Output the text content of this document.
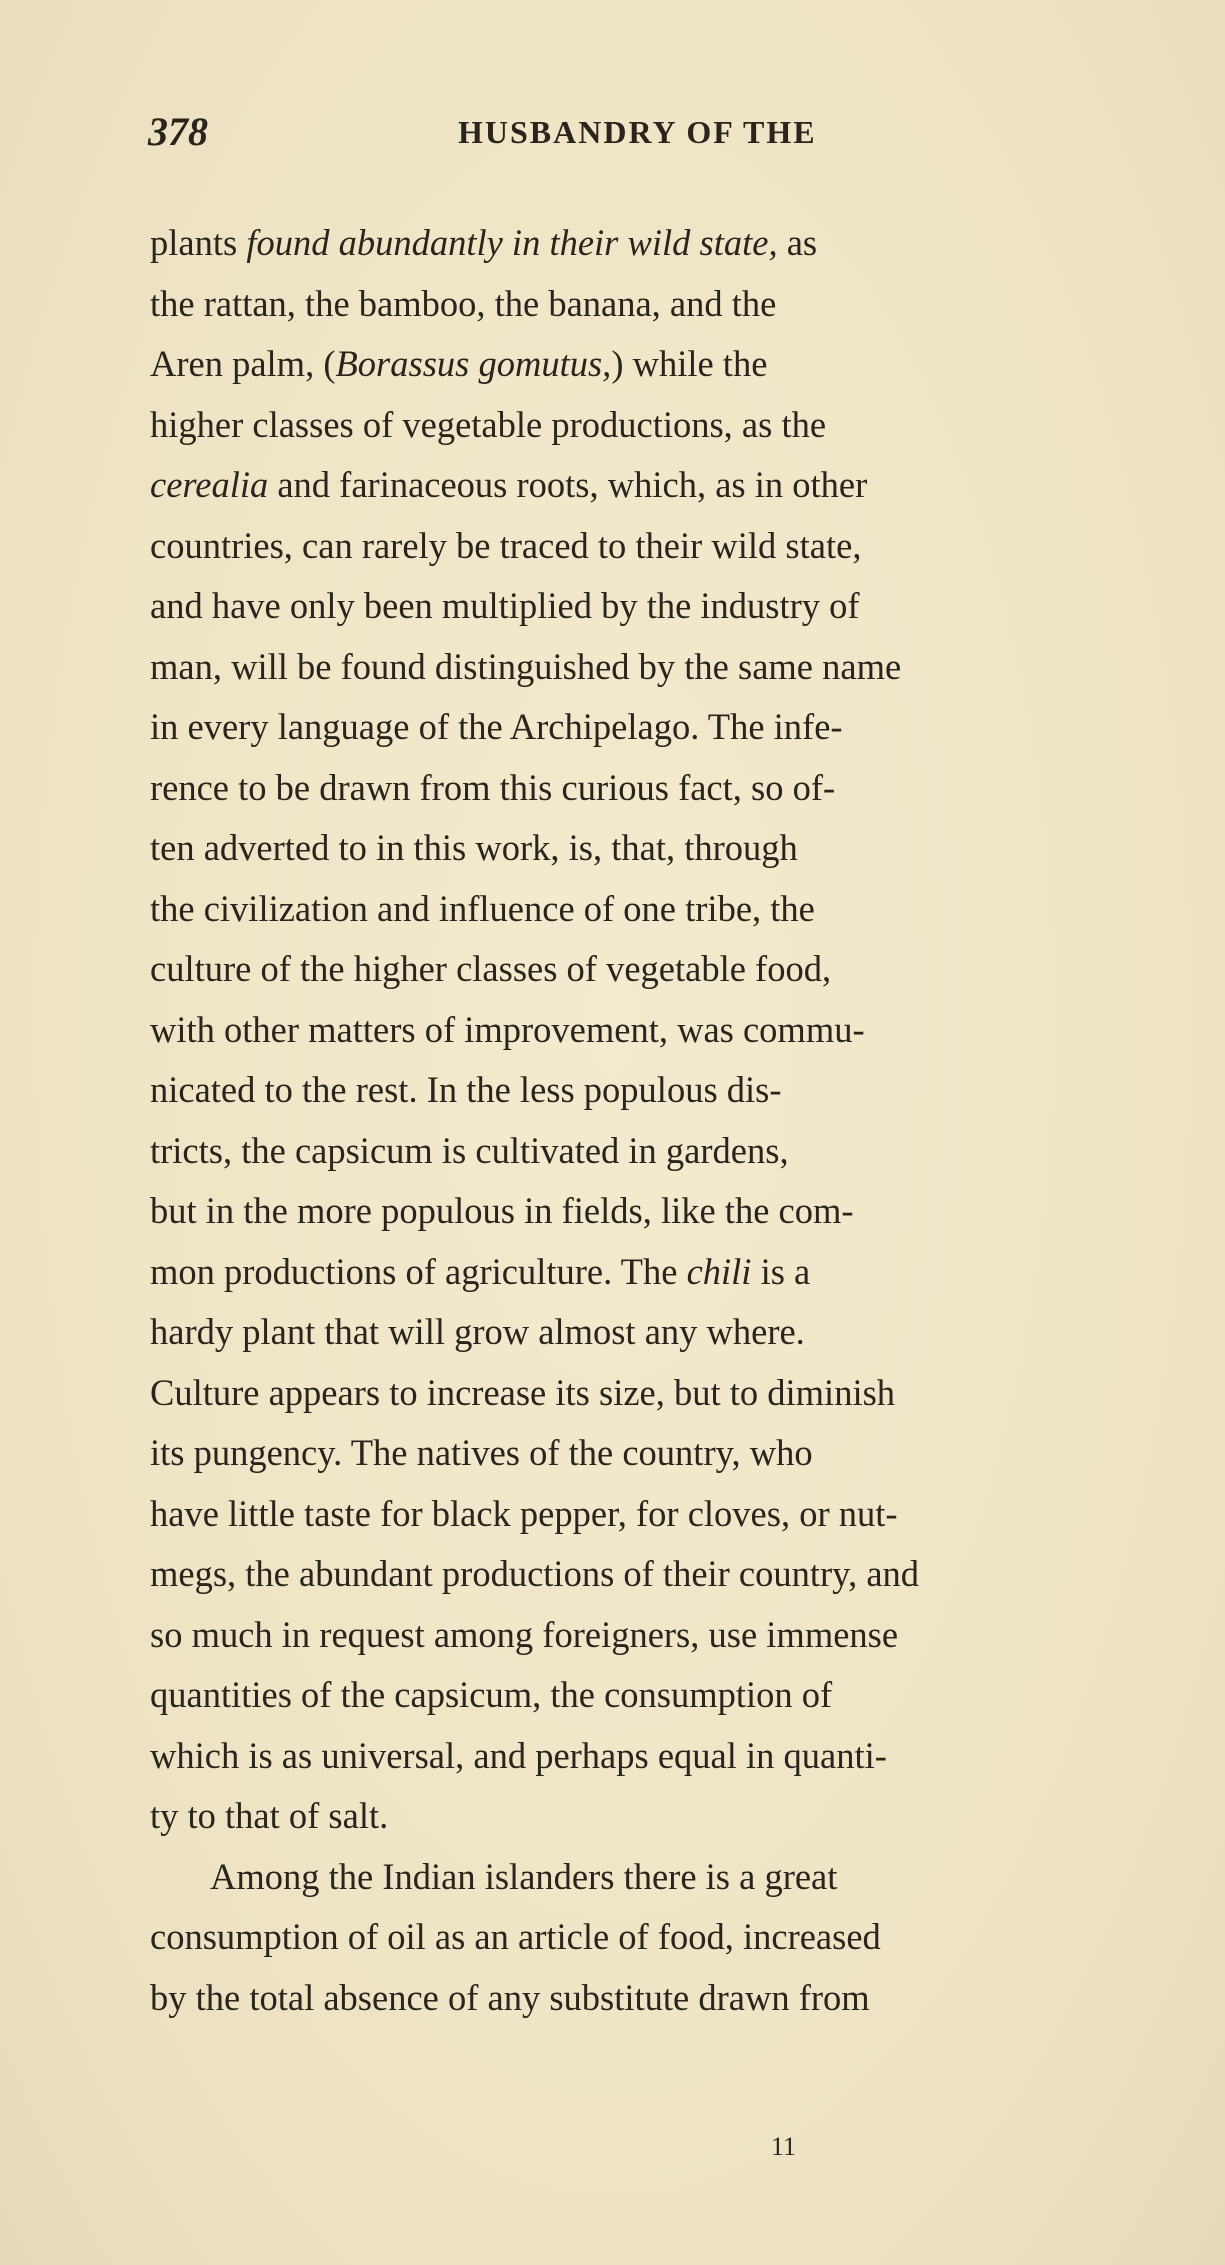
378	HUSBANDRY OF THE
plants found abundantly in their wild state, as
the rattan, the bamboo, the banana, and the
Aren palm, (Borassus gomutus,) while the
higher classes of vegetable productions, as the
cerealia and farinaceous roots, which, as in other
countries, can rarely be traced to their wild state,
and have only been multiplied by the industry of
man, will be found distinguished by the same name
in every language of the Archipelago. The infe-
rence to be drawn from this curious fact, so of-
ten adverted to in this work, is, that, through
the civilization and influence of one tribe, the
culture of the higher classes of vegetable food,
with other matters of improvement, was commu-
nicated to the rest. In the less populous dis-
tricts, the capsicum is cultivated in gardens,
but in the more populous in fields, like the com-
mon productions of agriculture. The chili is a
hardy plant that will grow almost any where.
Culture appears to increase its size, but to diminish
its pungency. The natives of the country, who
have little taste for black pepper, for cloves, or nut-
megs, the abundant productions of their country, and
so much in request among foreigners, use immense
quantities of the capsicum, the consumption of
which is as universal, and perhaps equal in quanti-
ty to that of salt.
Among the Indian islanders there is a great
consumption of oil as an article of food, increased
by the total absence of any substitute drawn from
11
